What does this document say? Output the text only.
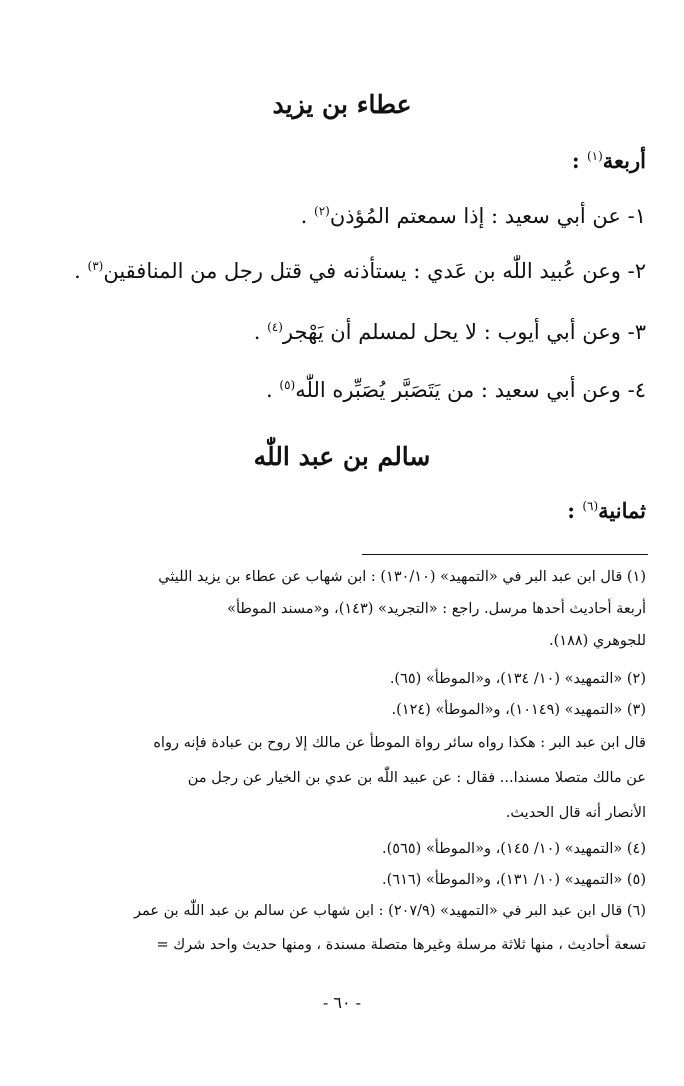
عطاء بن يزيد
أربعة$^{(١)}$ :
١- عن أبي سعيد : إذا سمعتم المُؤذن$^{(٢)}$ .
٢- وعن عُبيد اللّٰه بن عَدي : يستأذنه في قتل رجل من المنافقين$^{(٣)}$ .
٣- وعن أبي أيوب : لا يحل لمسلم أن يَهْجر$^{(٤)}$ .
٤- وعن أبي سعيد : من يَتَصَبَّر يُصَبِّره اللّٰه$^{(٥)}$ .
سالم بن عبد اللّٰه
ثمانية$^{(٦)}$ :
(١) قال ابن عبد البر في «التمهيد» (١٣٠/١٠) : ابن شهاب عن عطاء بن يزيد الليثي
أربعة أحاديث أحدها مرسل. راجع : «التجريد» (١٤٣)، و«مسند الموطأ»
للجوهري (١٨٨).
(٢) «التمهيد» (١٠/ ١٣٤)، و«الموطأ» (٦٥).
(٣) «التمهيد» (١٠١٤٩)، و«الموطأ» (١٢٤).
قال ابن عبد البر : هكذا رواه سائر رواة الموطأ عن مالك إلا روح بن عبادة فإنه رواه
عن مالك متصلا مسندا... فقال : عن عبيد اللّٰه بن عدي بن الخيار عن رجل من
الأنصار أنه قال الحديث.
(٤) «التمهيد» (١٠/ ١٤٥)، و«الموطأ» (٥٦٥).
(٥) «التمهيد» (١٠/ ١٣١)، و«الموطأ» (٦١٦).
(٦) قال ابن عبد البر في «التمهيد» (٢٠٧/٩) : ابن شهاب عن سالم بن عبد اللّٰه بن عمر
تسعة أحاديث ، منها ثلاثة مرسلة وغيرها متصلة مسندة ، ومنها حديث واحد شرك =
- ٦٠ -
